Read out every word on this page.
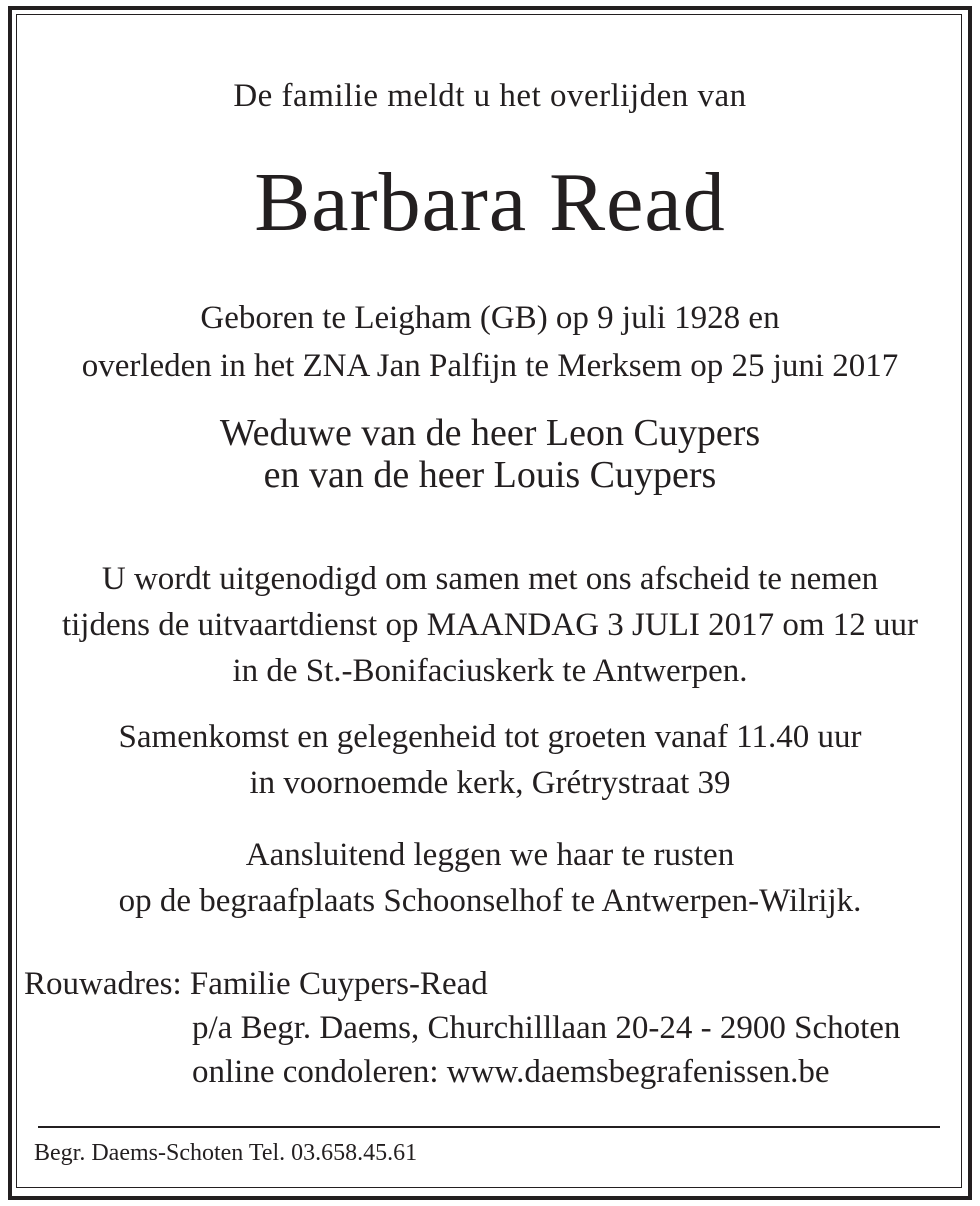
De familie meldt u het overlijden van
Barbara Read
Geboren te Leigham (GB) op 9 juli 1928 en
overleden in het ZNA Jan Palfijn te Merksem op 25 juni 2017
Weduwe van de heer Leon Cuypers
en van de heer Louis Cuypers
U wordt uitgenodigd om samen met ons afscheid te nemen
tijdens de uitvaartdienst op MAANDAG 3 JULI 2017 om 12 uur
in de St.-Bonifaciuskerk te Antwerpen.
Samenkomst en gelegenheid tot groeten vanaf 11.40 uur
in voornoemde kerk, Grétrystraat 39
Aansluitend leggen we haar te rusten
op de begraafplaats Schoonselhof te Antwerpen-Wilrijk.
Rouwadres: Familie Cuypers-Read
p/a Begr. Daems, Churchilllaan 20-24 - 2900 Schoten
online condoleren: www.daemsbegrafenissen.be
Begr. Daems-Schoten Tel. 03.658.45.61
